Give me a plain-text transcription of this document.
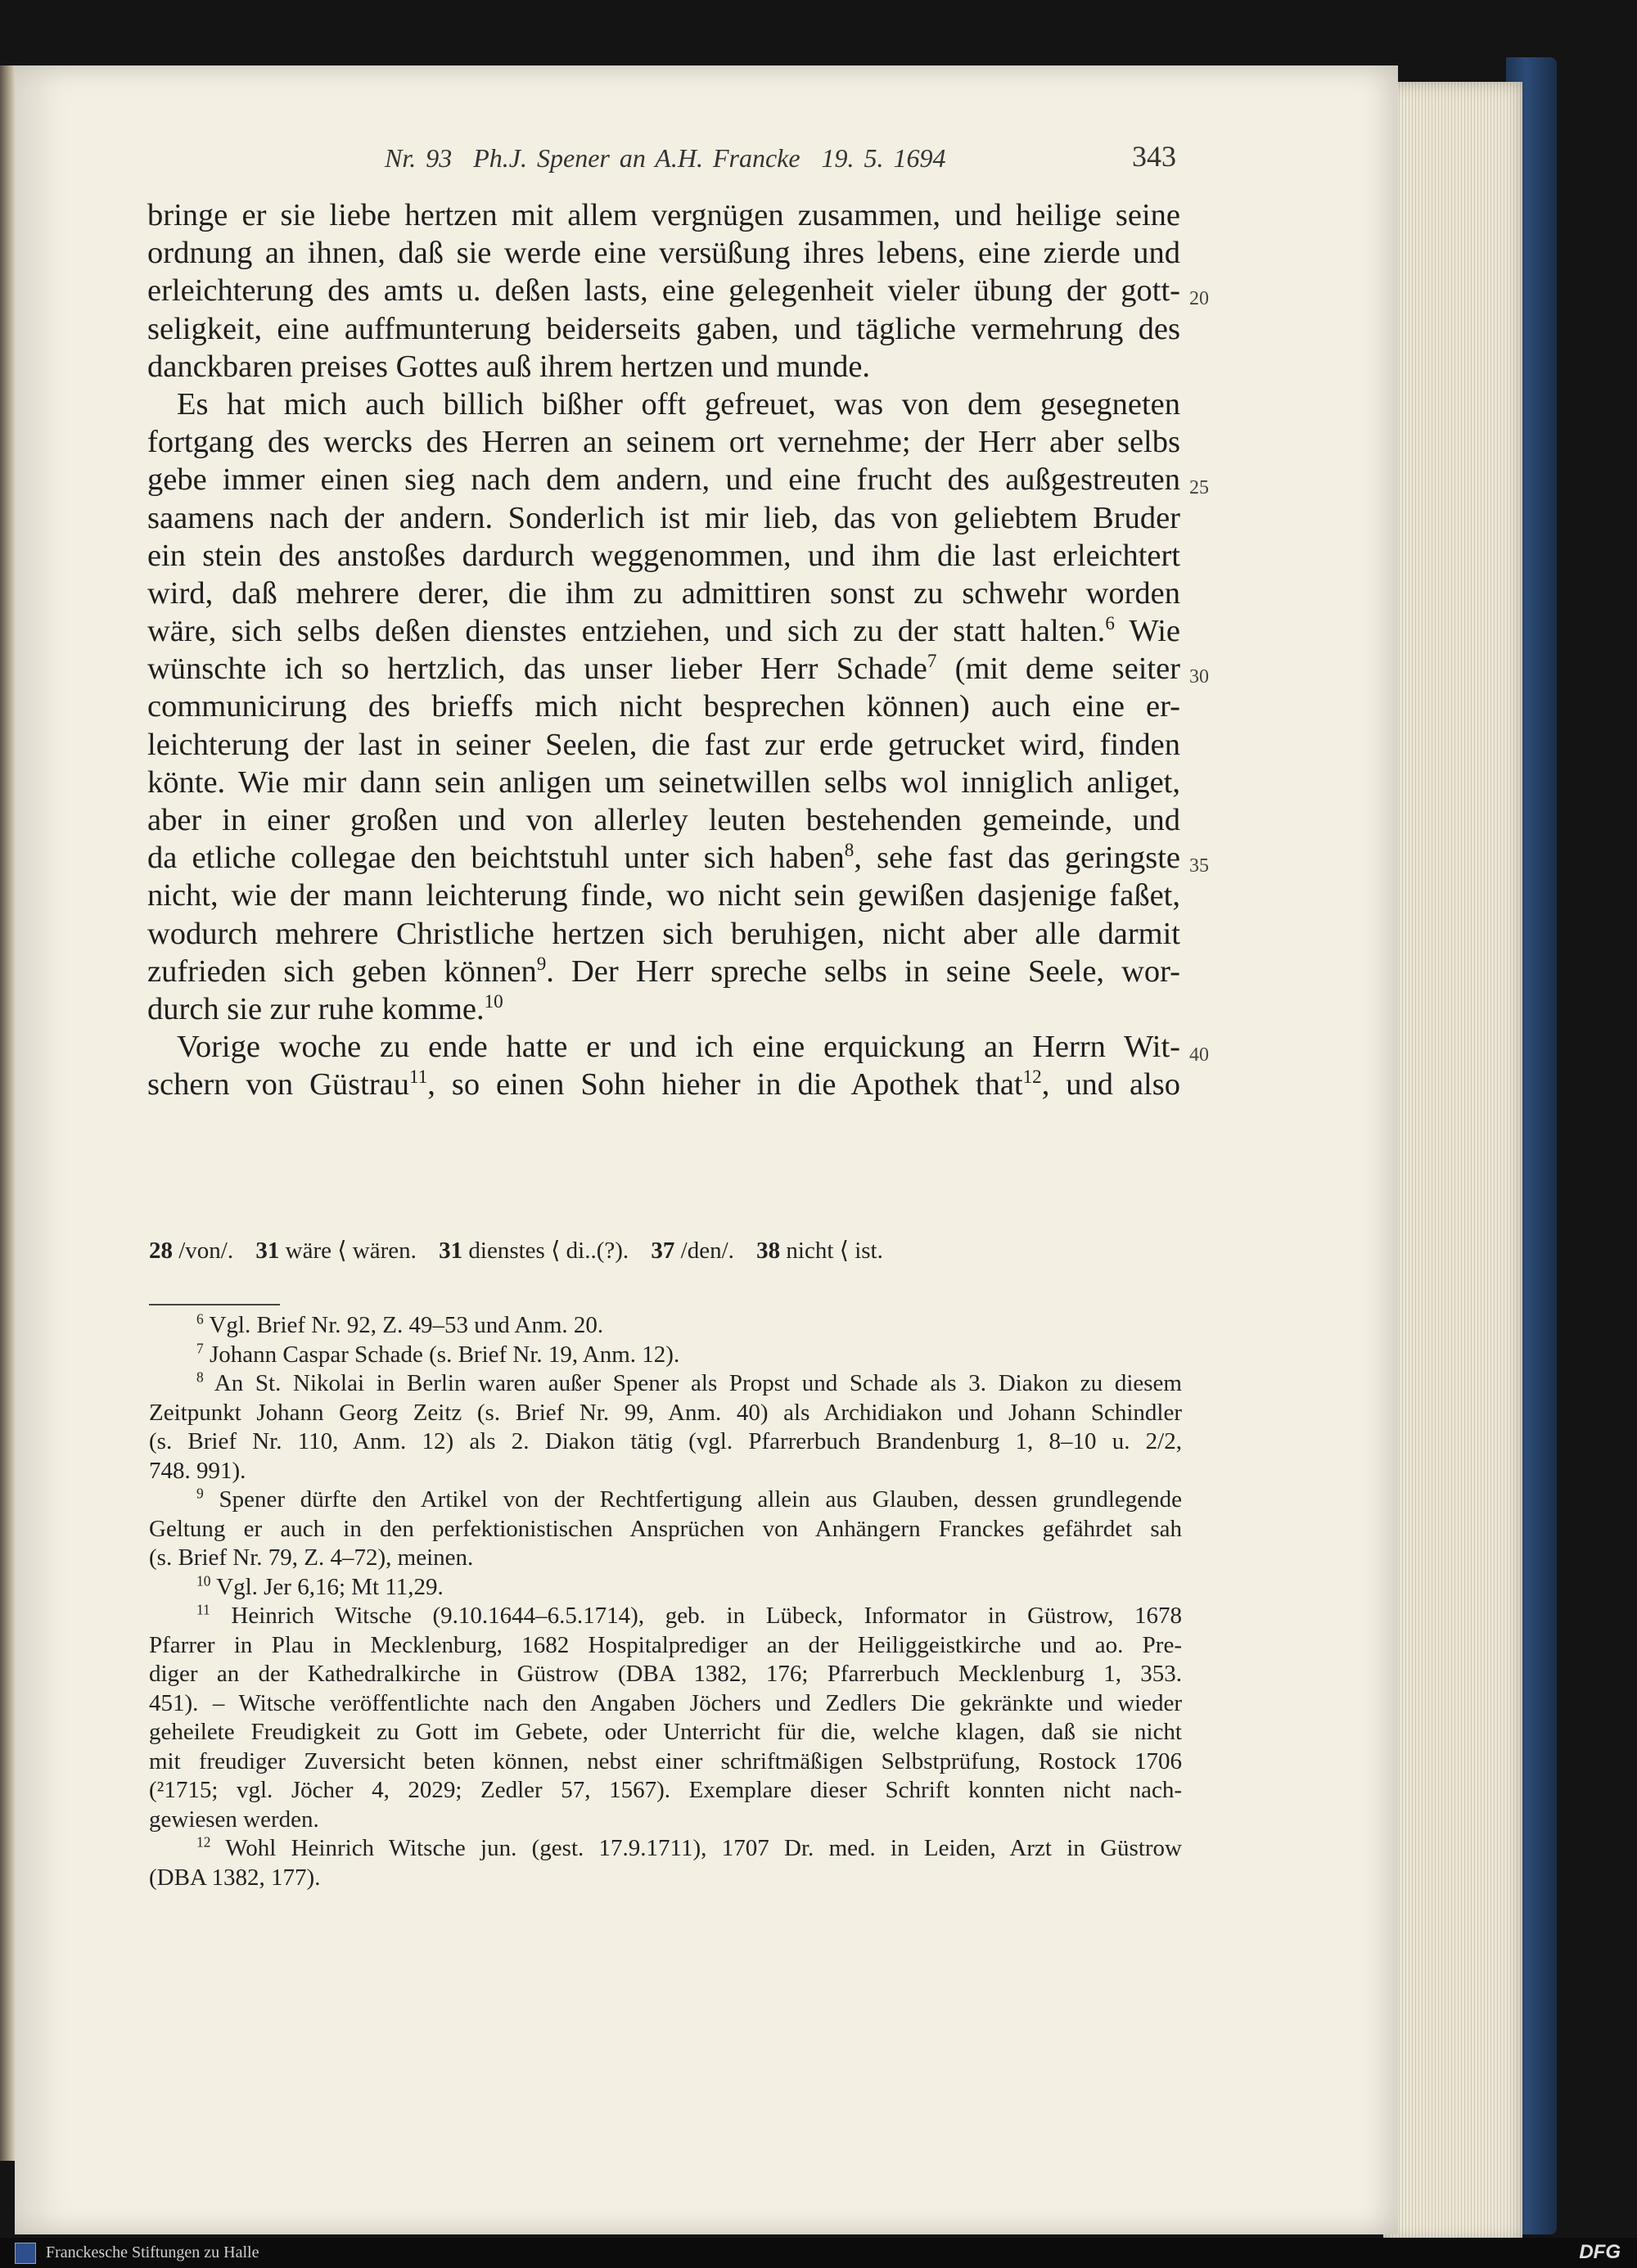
Nr. 93 Ph.J. Spener an A.H. Francke 19. 5. 1694	343
bringe er sie liebe hertzen mit allem vergnügen zusammen, und heilige seine
ordnung an ihnen, daß sie werde eine versüßung ihres lebens, eine zierde und
erleichterung des amts u. deßen lasts, eine gelegenheit vieler übung der gott-
seligkeit, eine auffmunterung beiderseits gaben, und tägliche vermehrung des
danckbaren preises Gottes auß ihrem hertzen und munde.
Es hat mich auch billich bißher offt gefreuet, was von dem gesegneten
fortgang des wercks des Herren an seinem ort vernehme; der Herr aber selbs
gebe immer einen sieg nach dem andern, und eine frucht des außgestreuten
saamens nach der andern. Sonderlich ist mir lieb, das von geliebtem Bruder
ein stein des anstoßes dardurch weggenommen, und ihm die last erleichtert
wird, daß mehrere derer, die ihm zu admittiren sonst zu schwehr worden
wäre, sich selbs deßen dienstes entziehen, und sich zu der statt halten.$^6$ Wie
wünschte ich so hertzlich, das unser lieber Herr Schade$^7$ (mit deme seiter
communicirung des brieffs mich nicht besprechen können) auch eine er-
leichterung der last in seiner Seelen, die fast zur erde getrucket wird, finden
könte. Wie mir dann sein anligen um seinetwillen selbs wol inniglich anliget,
aber in einer großen und von allerley leuten bestehenden gemeinde, und
da etliche collegae den beichtstuhl unter sich haben$^8$, sehe fast das geringste
nicht, wie der mann leichterung finde, wo nicht sein gewißen dasjenige faßet,
wodurch mehrere Christliche hertzen sich beruhigen, nicht aber alle darmit
zufrieden sich geben können$^9$. Der Herr spreche selbs in seine Seele, wor-
durch sie zur ruhe komme.$^{10}$
Vorige woche zu ende hatte er und ich eine erquickung an Herrn Wit-
schern von Güstrau$^{11}$, so einen Sohn hieher in die Apothek that$^{12}$, und also
20
25
30
35
40
28 /von/. 31 wäre ⟨ wären. 31 dienstes ⟨ di..(?). 37 /den/. 38 nicht ⟨ ist.
$^6$ Vgl. Brief Nr. 92, Z. 49–53 und Anm. 20.
$^7$ Johann Caspar Schade (s. Brief Nr. 19, Anm. 12).
$^8$ An St. Nikolai in Berlin waren außer Spener als Propst und Schade als 3. Diakon zu diesem
Zeitpunkt Johann Georg Zeitz (s. Brief Nr. 99, Anm. 40) als Archidiakon und Johann Schindler
(s. Brief Nr. 110, Anm. 12) als 2. Diakon tätig (vgl. Pfarrerbuch Brandenburg 1, 8–10 u. 2/2,
748. 991).
$^9$ Spener dürfte den Artikel von der Rechtfertigung allein aus Glauben, dessen grundlegende
Geltung er auch in den perfektionistischen Ansprüchen von Anhängern Franckes gefährdet sah
(s. Brief Nr. 79, Z. 4–72), meinen.
$^{10}$ Vgl. Jer 6,16; Mt 11,29.
$^{11}$ Heinrich Witsche (9.10.1644–6.5.1714), geb. in Lübeck, Informator in Güstrow, 1678
Pfarrer in Plau in Mecklenburg, 1682 Hospitalprediger an der Heiliggeistkirche und ao. Pre-
diger an der Kathedralkirche in Güstrow (DBA 1382, 176; Pfarrerbuch Mecklenburg 1, 353.
451). – Witsche veröffentlichte nach den Angaben Jöchers und Zedlers Die gekränkte und wieder
geheilete Freudigkeit zu Gott im Gebete, oder Unterricht für die, welche klagen, daß sie nicht
mit freudiger Zuversicht beten können, nebst einer schriftmäßigen Selbstprüfung, Rostock 1706
(²1715; vgl. Jöcher 4, 2029; Zedler 57, 1567). Exemplare dieser Schrift konnten nicht nach-
gewiesen werden.
$^{12}$ Wohl Heinrich Witsche jun. (gest. 17.9.1711), 1707 Dr. med. in Leiden, Arzt in Güstrow
(DBA 1382, 177).
Franckesche Stiftungen zu Halle	DFG
